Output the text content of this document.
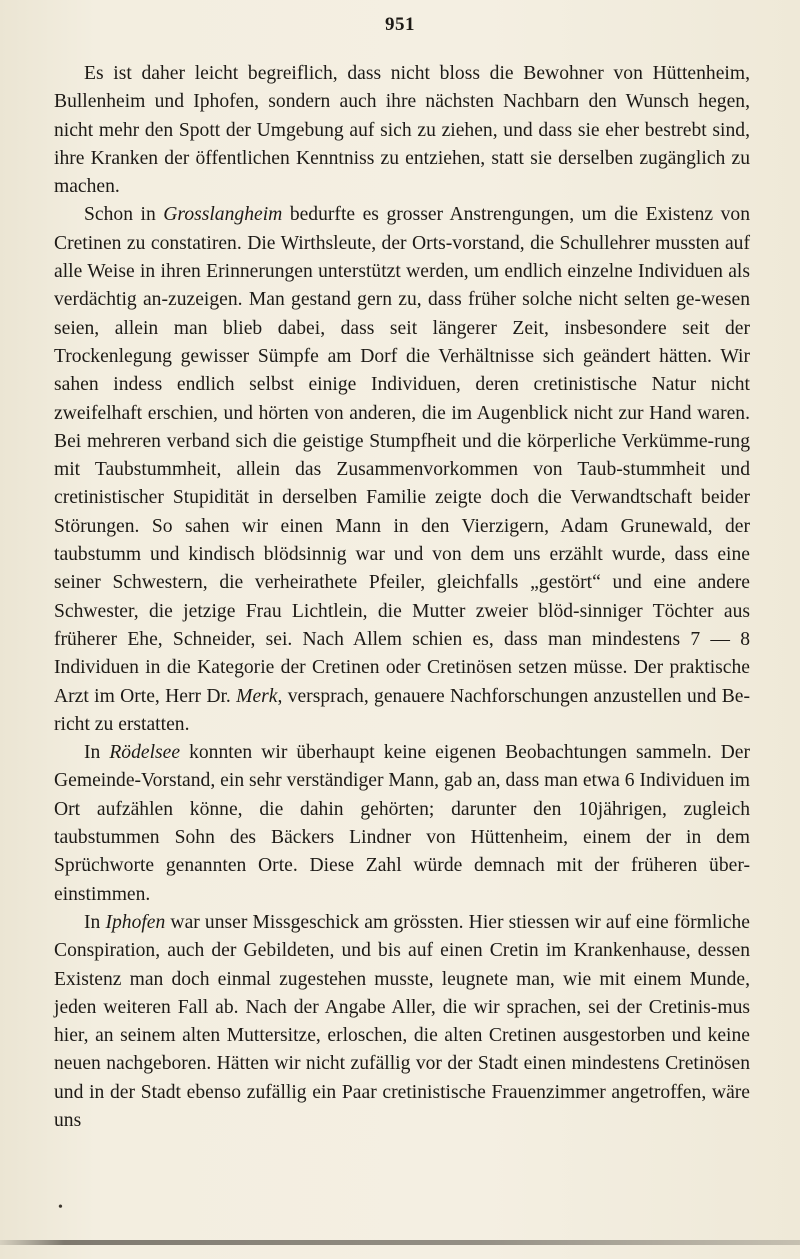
951

Es ist daher leicht begreiflich, dass nicht bloss die Bewohner von Hüttenheim, Bullenheim und Iphofen, sondern auch ihre nächsten Nachbarn den Wunsch hegen, nicht mehr den Spott der Umgebung auf sich zu ziehen, und dass sie eher bestrebt sind, ihre Kranken der öffentlichen Kenntniss zu entziehen, statt sie derselben zugänglich zu machen.

Schon in Grosslangheim bedurfte es grosser Anstrengungen, um die Existenz von Cretinen zu constatiren. Die Wirthsleute, der Orts-vorstand, die Schullehrer mussten auf alle Weise in ihren Erinnerungen unterstützt werden, um endlich einzelne Individuen als verdächtig an-zuzeigen. Man gestand gern zu, dass früher solche nicht selten ge-wesen seien, allein man blieb dabei, dass seit längerer Zeit, insbesondere seit der Trockenlegung gewisser Sümpfe am Dorf die Verhältnisse sich geändert hätten. Wir sahen indess endlich selbst einige Individuen, deren cretinistische Natur nicht zweifelhaft erschien, und hörten von anderen, die im Augenblick nicht zur Hand waren. Bei mehreren verband sich die geistige Stumpfheit und die körperliche Verkümme-rung mit Taubstummheit, allein das Zusammenvorkommen von Taub-stummheit und cretinistischer Stupidität in derselben Familie zeigte doch die Verwandtschaft beider Störungen. So sahen wir einen Mann in den Vierzigern, Adam Grunewald, der taubstumm und kindisch blödsinnig war und von dem uns erzählt wurde, dass eine seiner Schwestern, die verheirathete Pfeiler, gleichfalls „gestört“ und eine andere Schwester, die jetzige Frau Lichtlein, die Mutter zweier blöd-sinniger Töchter aus früherer Ehe, Schneider, sei. Nach Allem schien es, dass man mindestens 7 — 8 Individuen in die Kategorie der Cretinen oder Cretinösen setzen müsse. Der praktische Arzt im Orte, Herr Dr. Merk, versprach, genauere Nachforschungen anzustellen und Be-richt zu erstatten.

In Rödelsee konnten wir überhaupt keine eigenen Beobachtungen sammeln. Der Gemeinde-Vorstand, ein sehr verständiger Mann, gab an, dass man etwa 6 Individuen im Ort aufzählen könne, die dahin gehörten; darunter den 10jährigen, zugleich taubstummen Sohn des Bäckers Lindner von Hüttenheim, einem der in dem Sprüchworte genannten Orte. Diese Zahl würde demnach mit der früheren über-einstimmen.

In Iphofen war unser Missgeschick am grössten. Hier stiessen wir auf eine förmliche Conspiration, auch der Gebildeten, und bis auf einen Cretin im Krankenhause, dessen Existenz man doch einmal zugestehen musste, leugnete man, wie mit einem Munde, jeden weiteren Fall ab. Nach der Angabe Aller, die wir sprachen, sei der Cretinis-mus hier, an seinem alten Muttersitze, erloschen, die alten Cretinen ausgestorben und keine neuen nachgeboren. Hätten wir nicht zufällig vor der Stadt einen mindestens Cretinösen und in der Stadt ebenso zufällig ein Paar cretinistische Frauenzimmer angetroffen, wäre uns

•
